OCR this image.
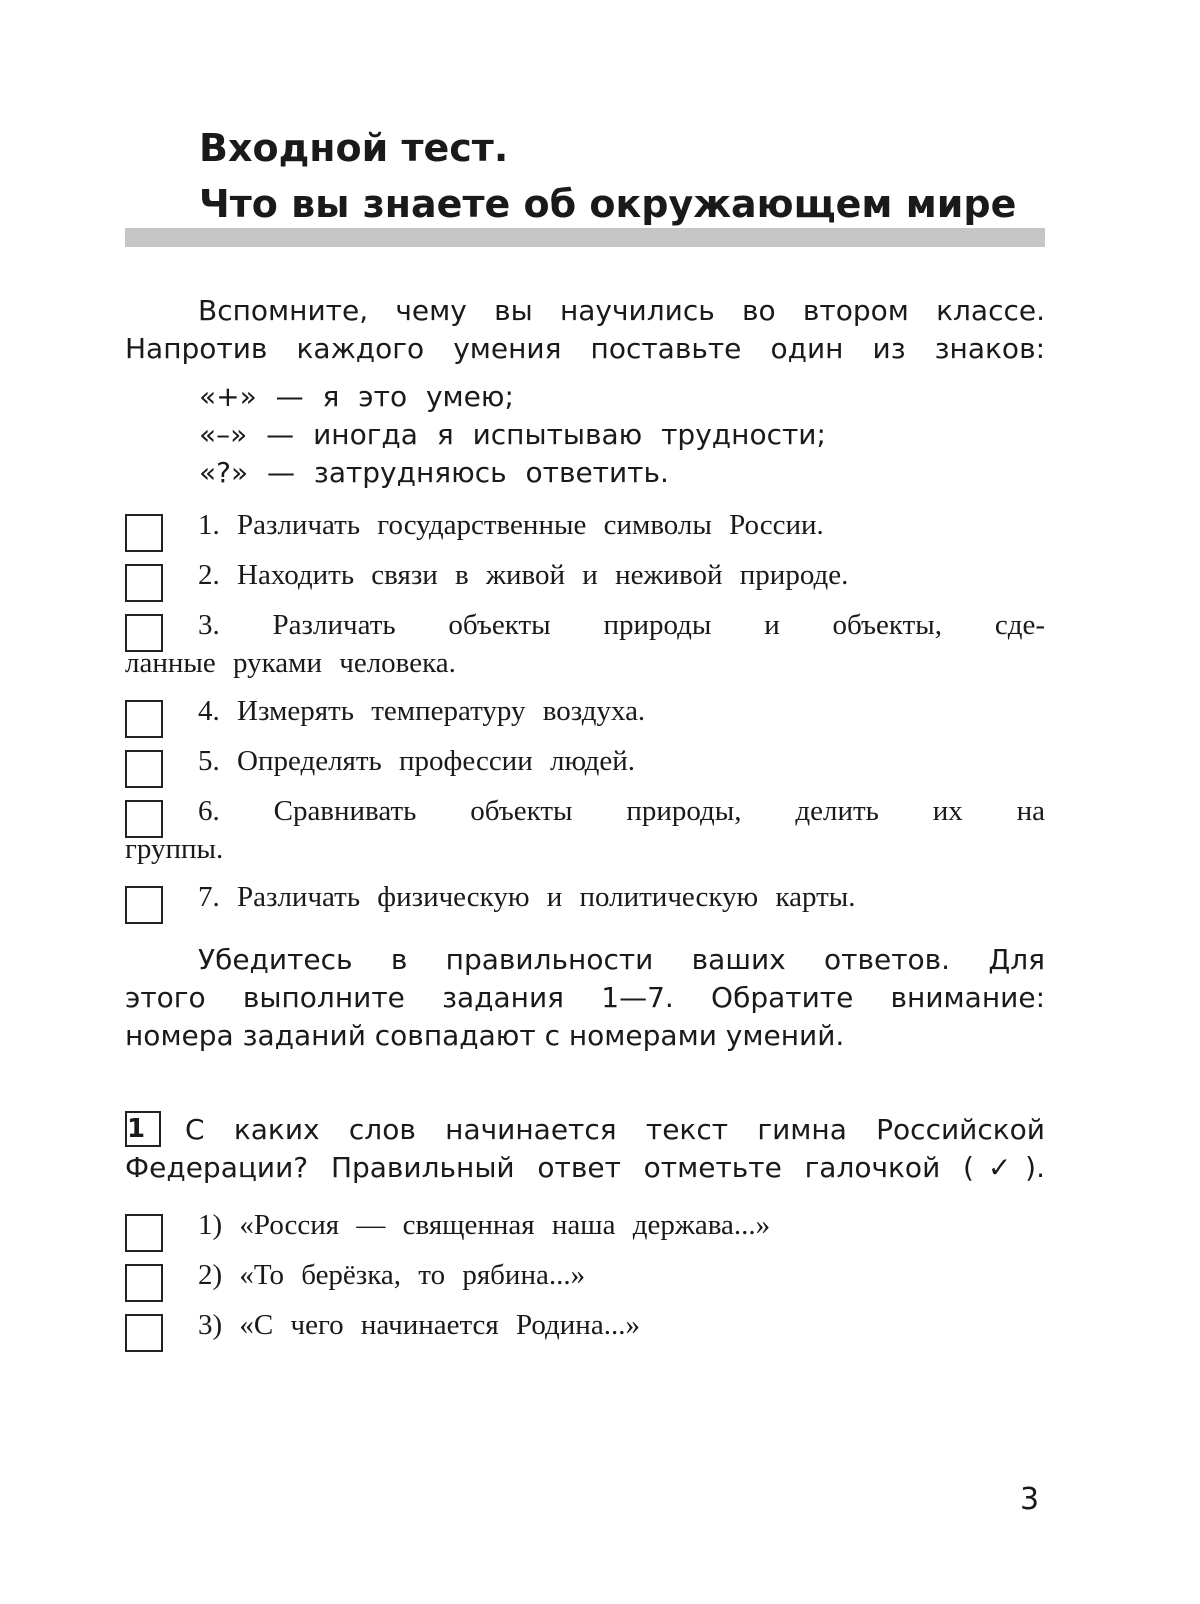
Входной тест.
Что вы знаете об окружающем мире

Вспомните, чему вы научились во втором классе.
Напротив каждого умения поставьте один из знаков:

«+» — я это умею;
«–» — иногда я испытываю трудности;
«?» — затрудняюсь ответить.

1. Различать государственные символы России.

2. Находить связи в живой и неживой природе.

3. Различать объекты природы и объекты, сде-
ланные руками человека.

4. Измерять температуру воздуха.

5. Определять профессии людей.

6. Сравнивать объекты природы, делить их на
группы.

7. Различать физическую и политическую карты.

Убедитесь в правильности ваших ответов. Для
этого выполните задания 1—7. Обратите внимание:
номера заданий совпадают с номерами умений.

1 С каких слов начинается текст гимна Российской
Федерации? Правильный ответ отметьте галочкой (✓).

1) «Россия — священная наша держава...»

2) «То берёзка, то рябина...»

3) «С чего начинается Родина...»

3
